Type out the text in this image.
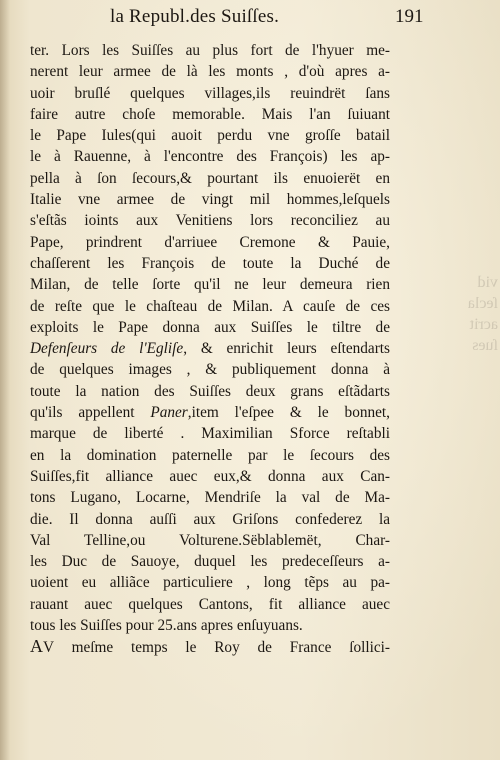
vid
ſecla
acrit
ſues

la Republ.des Suiſſes.	191
ter. Lors les Suiſſes au plus fort de l'hyuer me-
nerent leur armee de là les monts , d'où apres a-
uoir bruſlé quelques villages,ils reuindrët ſans
faire autre choſe memorable. Mais l'an ſuiuant
le Pape Iules(qui auoit perdu vne groſſe batail
le à Rauenne, à l'encontre des François) les ap-
pella à ſon ſecours,& pourtant ils enuoierët en
Italie vne armee de vingt mil hommes,leſquels
s'eſtãs ioints aux Venitiens lors reconciliez au
Pape, prindrent d'arriuee Cremone & Pauie,
chaſſerent les François de toute la Duché de
Milan, de telle ſorte qu'il ne leur demeura rien
de reſte que le chaſteau de Milan. A cauſe de ces
exploits le Pape donna aux Suiſſes le tiltre de
Defenſeurs de l'Egliſe, & enrichit leurs eſtendarts
de quelques images , & publiquement donna à
toute la nation des Suiſſes deux grans eſtãdarts
qu'ils appellent Paner,item l'eſpee & le bonnet,
marque de liberté . Maximilian Sforce reſtabli
en la domination paternelle par le ſecours des
Suiſſes,fit alliance auec eux,& donna aux Can-
tons Lugano, Locarne, Mendriſe la val de Ma-
die. Il donna auſſi aux Griſons confederez la
Val Telline,ou Volturene.Sëblablemët, Char-
les Duc de Sauoye, duquel les predeceſſeurs a-
uoient eu alliãce particuliere , long tẽps au pa-
rauant auec quelques Cantons, fit alliance auec
tous les Suiſſes pour 25.ans apres enſuyuans.
AV meſme temps le Roy de France ſollici-
